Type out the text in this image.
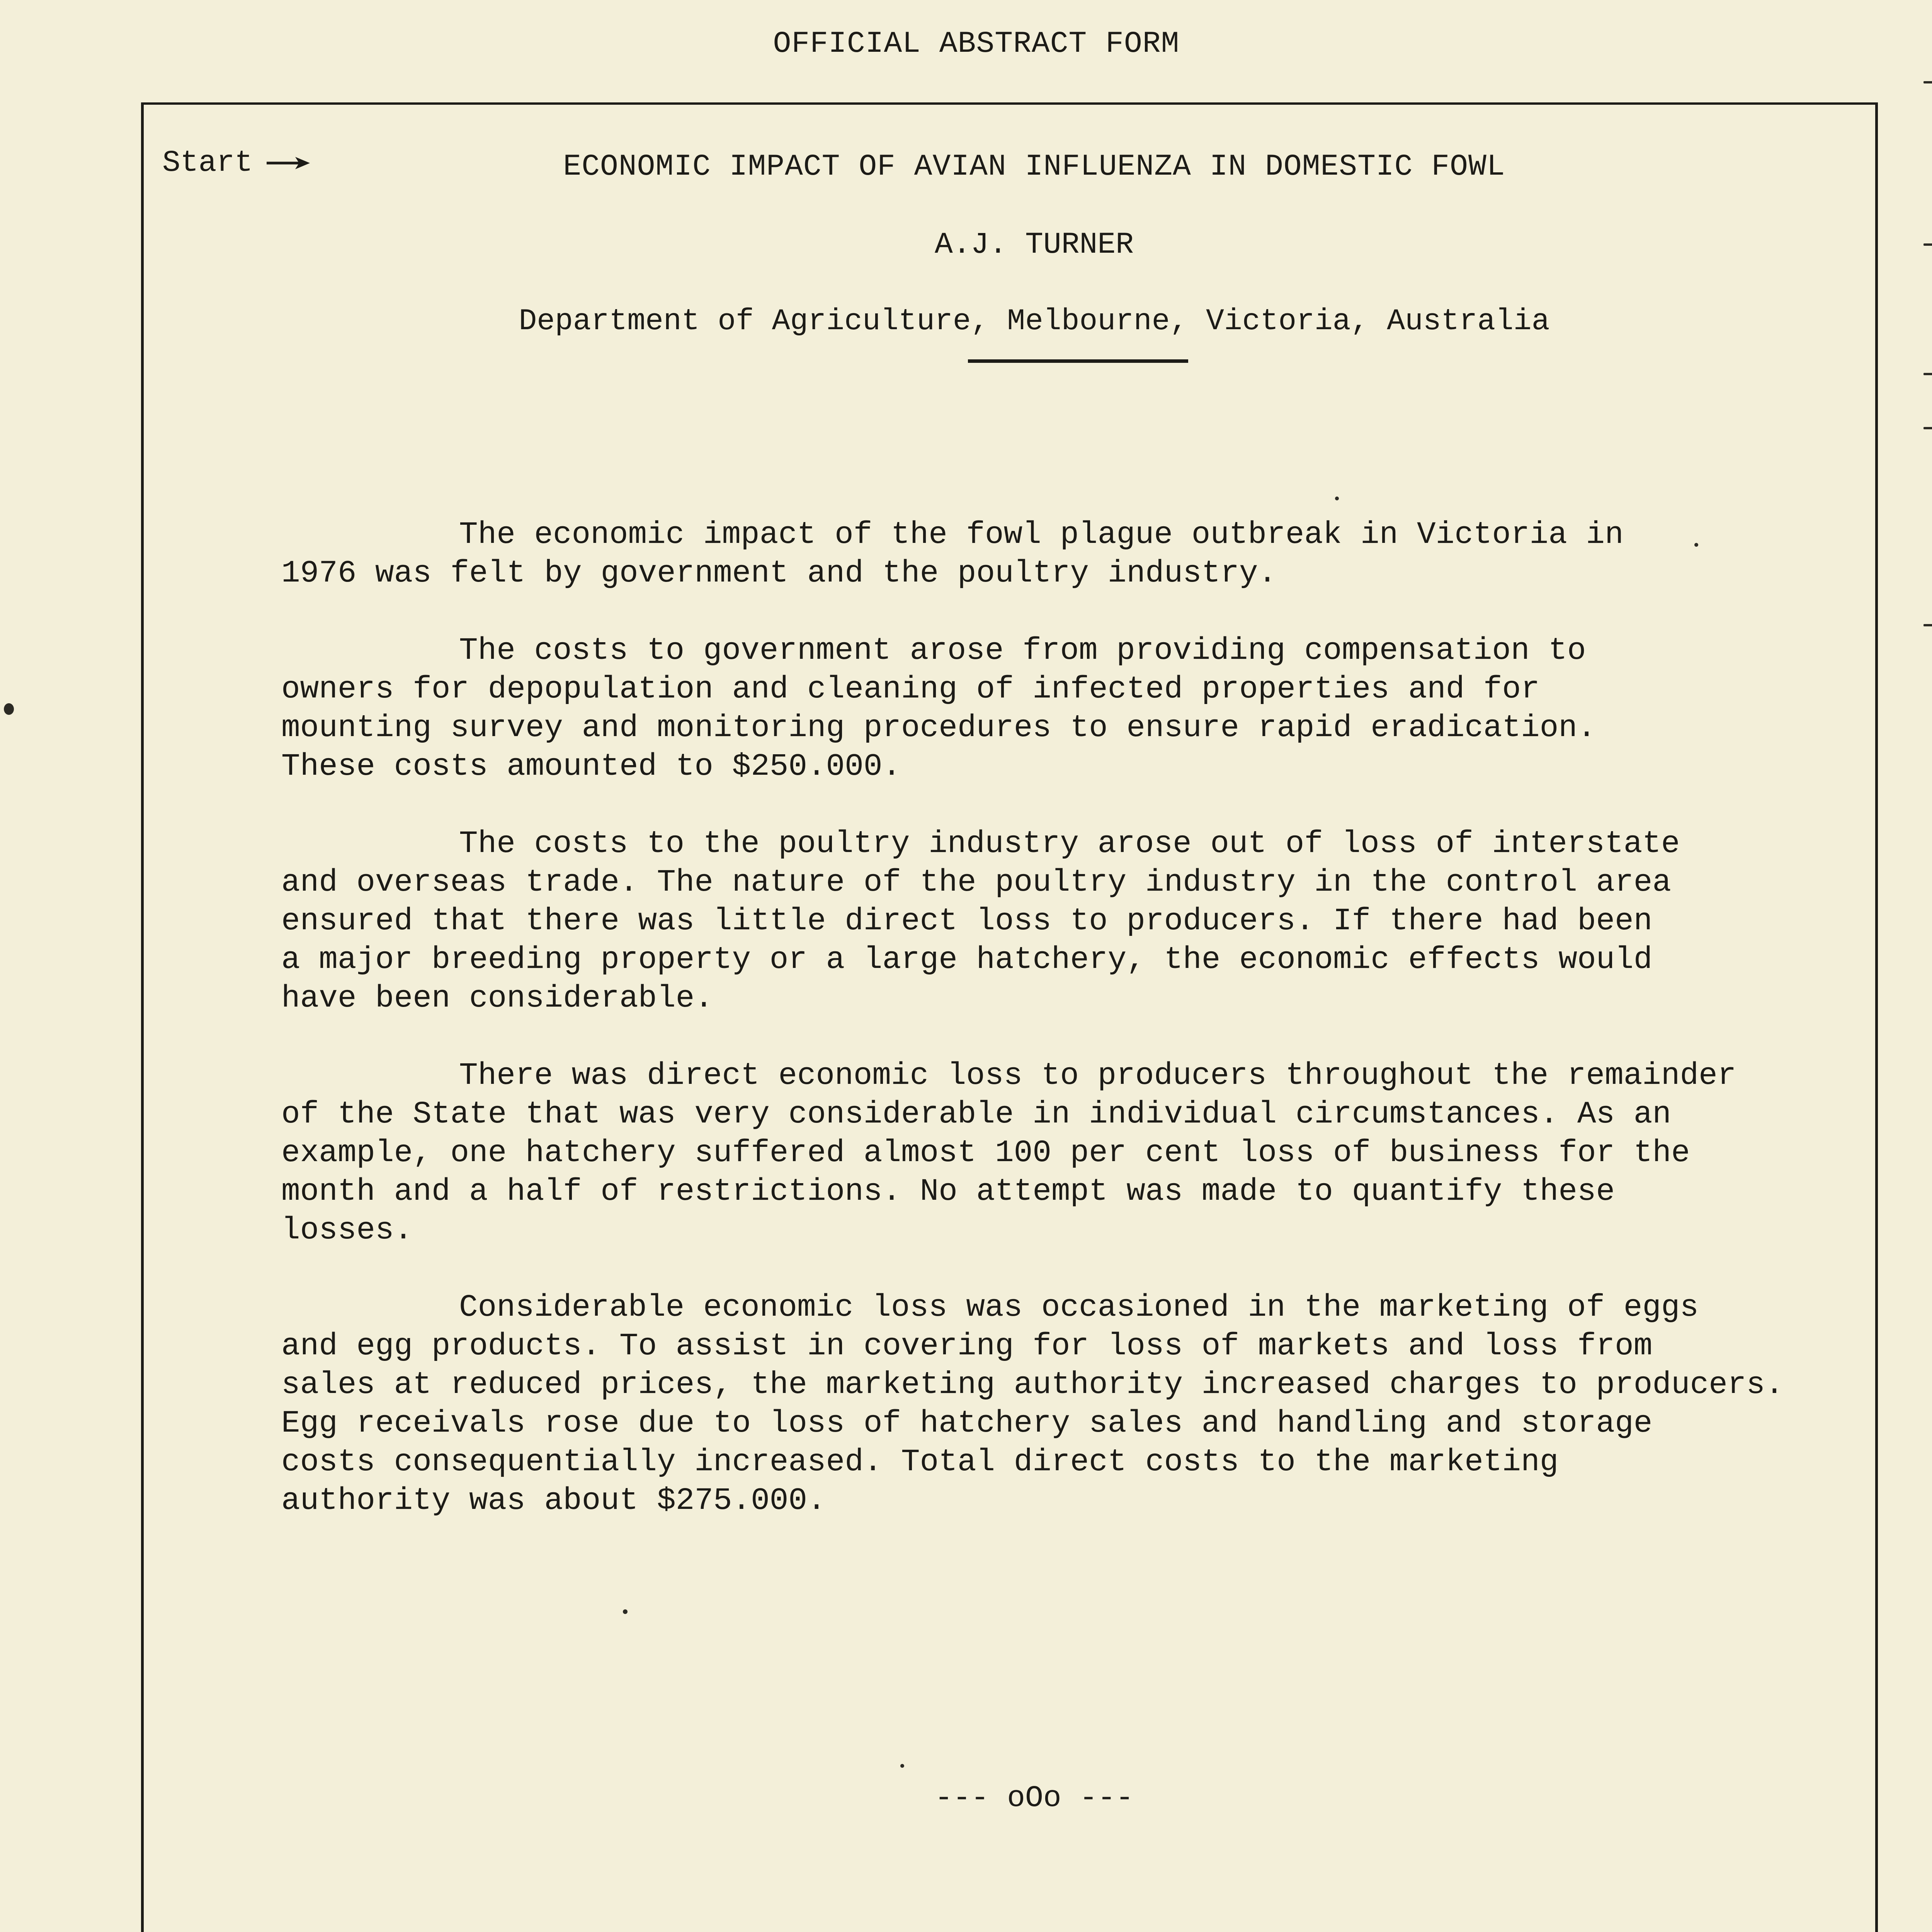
OFFICIAL ABSTRACT FORM
Start	ECONOMIC IMPACT OF AVIAN INFLUENZA IN DOMESTIC FOWL
A.J. TURNER
Department of Agriculture, Melbourne, Victoria, Australia

The economic impact of the fowl plague outbreak in Victoria in
1976 was felt by government and the poultry industry.

The costs to government arose from providing compensation to
owners for depopulation and cleaning of infected properties and for
mounting survey and monitoring procedures to ensure rapid eradication.
These costs amounted to $250.000.

The costs to the poultry industry arose out of loss of interstate
and overseas trade. The nature of the poultry industry in the control area
ensured that there was little direct loss to producers. If there had been
a major breeding property or a large hatchery, the economic effects would
have been considerable.

There was direct economic loss to producers throughout the remainder
of the State that was very considerable in individual circumstances. As an
example, one hatchery suffered almost 100 per cent loss of business for the
month and a half of restrictions. No attempt was made to quantify these
losses.

Considerable economic loss was occasioned in the marketing of eggs
and egg products. To assist in covering for loss of markets and loss from
sales at reduced prices, the marketing authority increased charges to producers.
Egg receivals rose due to loss of hatchery sales and handling and storage
costs consequentially increased. Total direct costs to the marketing
authority was about $275.000.

--- oOo ---
